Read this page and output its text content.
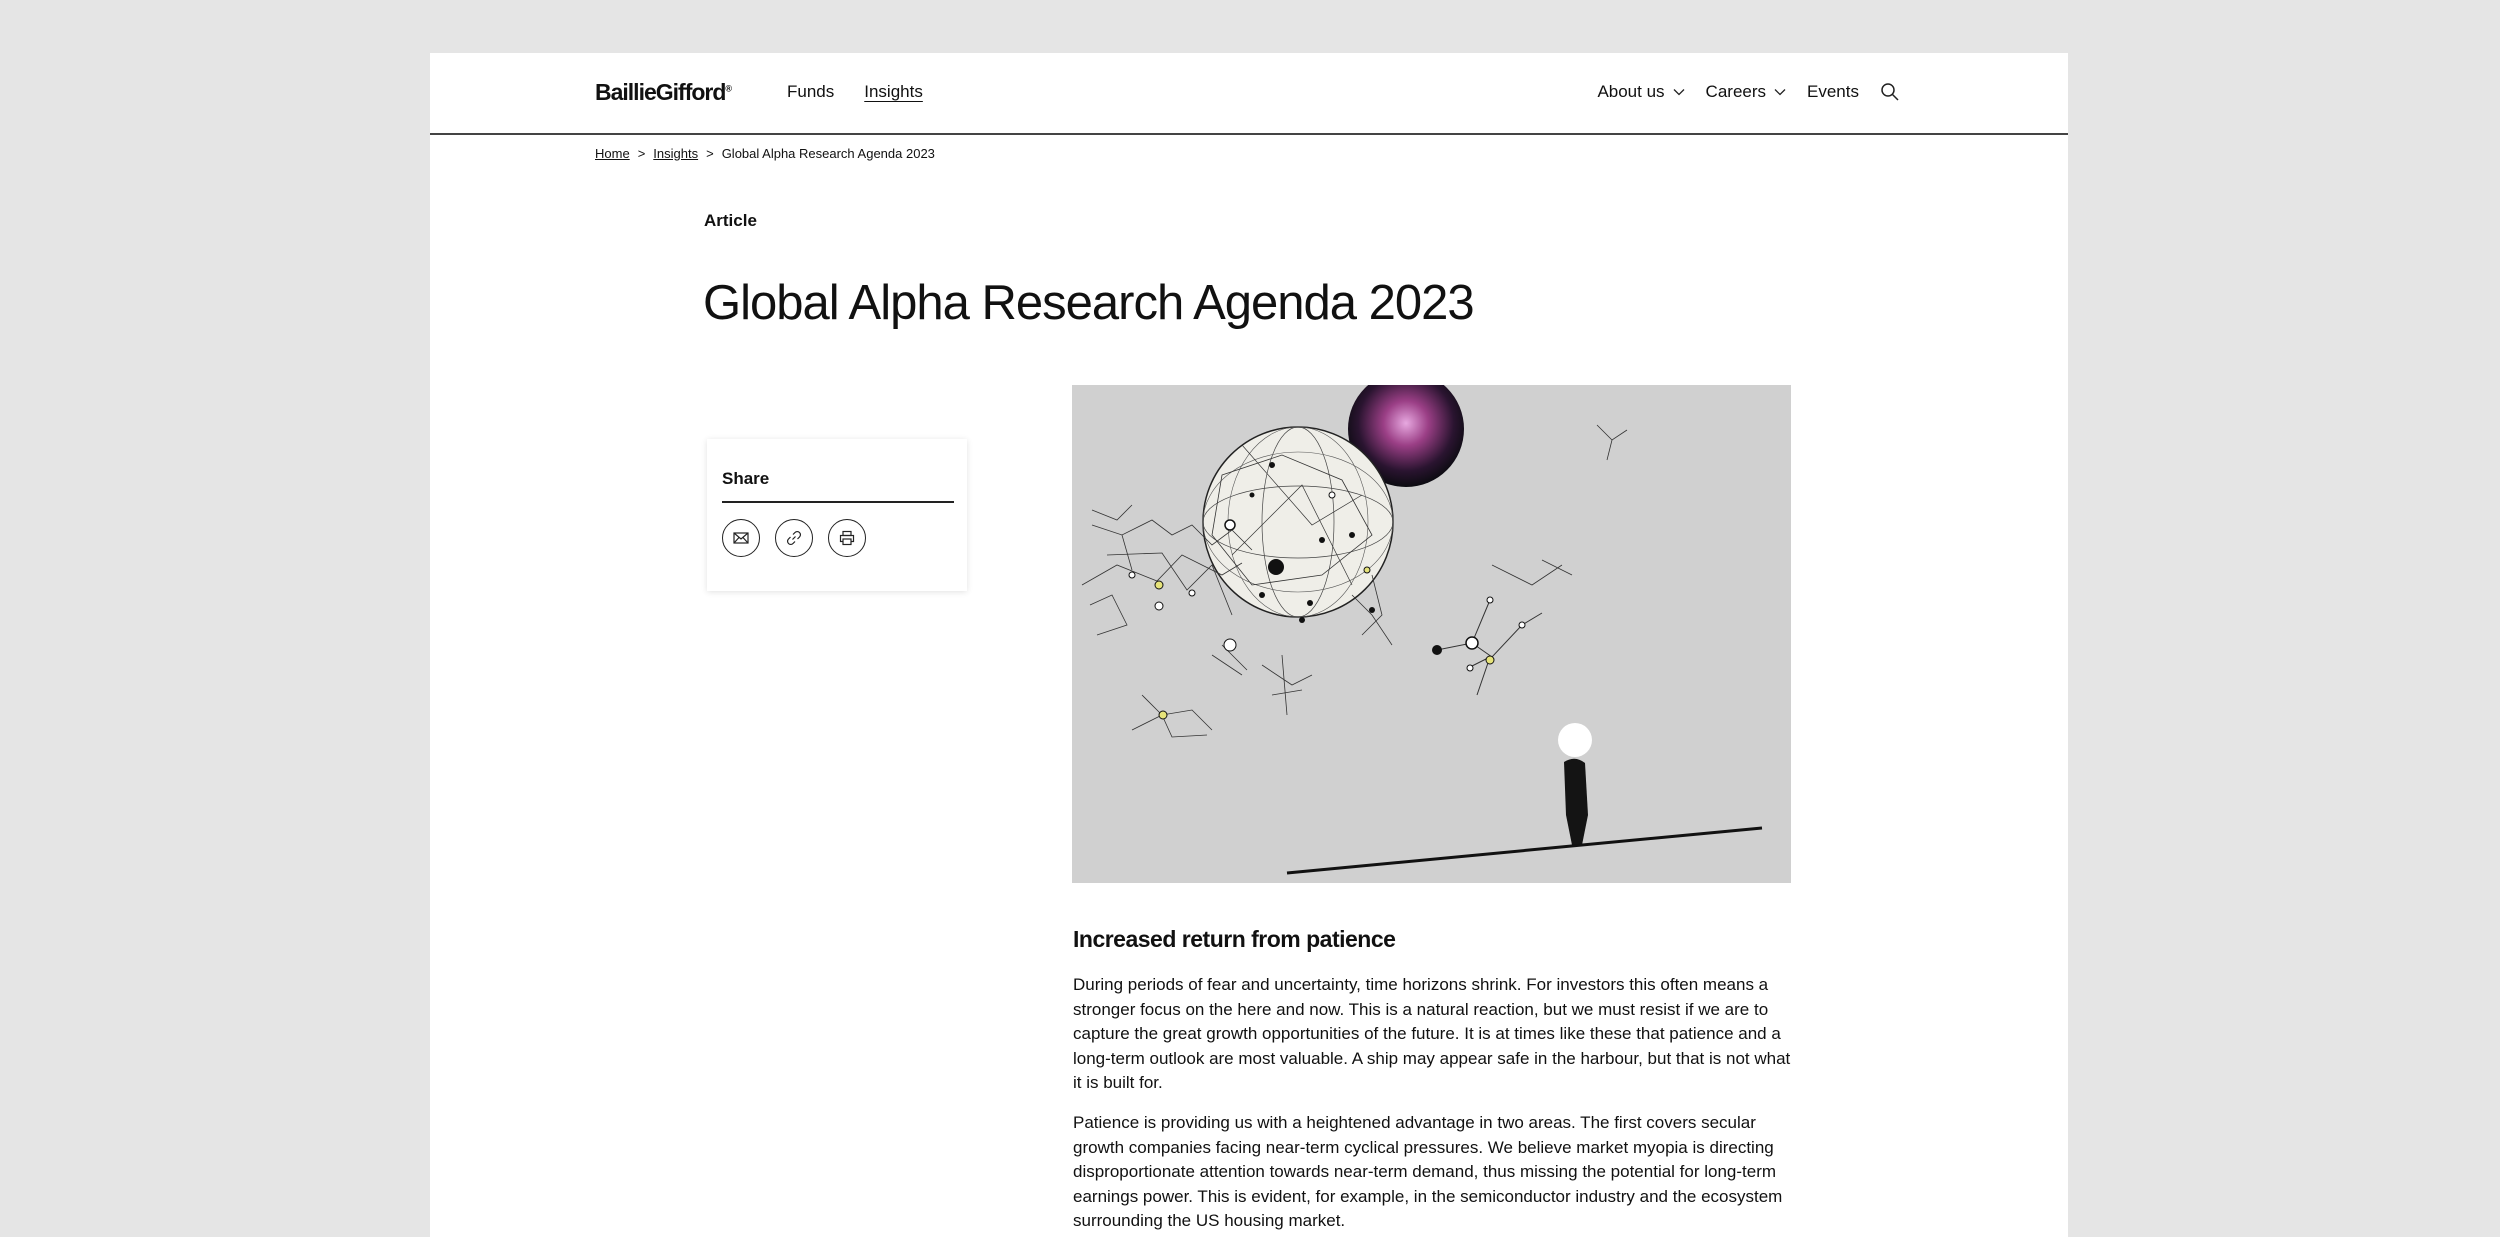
BaillieGifford®	Funds Insights	About us Careers Events
Home > Insights > Global Alpha Research Agenda 2023
Article
Global Alpha Research Agenda 2023
Share
Increased return from patience

During periods of fear and uncertainty, time horizons shrink. For investors this often means a stronger focus on the here and now. This is a natural reaction, but we must resist if we are to capture the great growth opportunities of the future. It is at times like these that patience and a long-term outlook are most valuable. A ship may appear safe in the harbour, but that is not what it is built for.

Patience is providing us with a heightened advantage in two areas. The first covers secular growth companies facing near-term cyclical pressures. We believe market myopia is directing disproportionate attention towards near-term demand, thus missing the potential for long-term earnings power. This is evident, for example, in the semiconductor industry and the ecosystem surrounding the US housing market.
